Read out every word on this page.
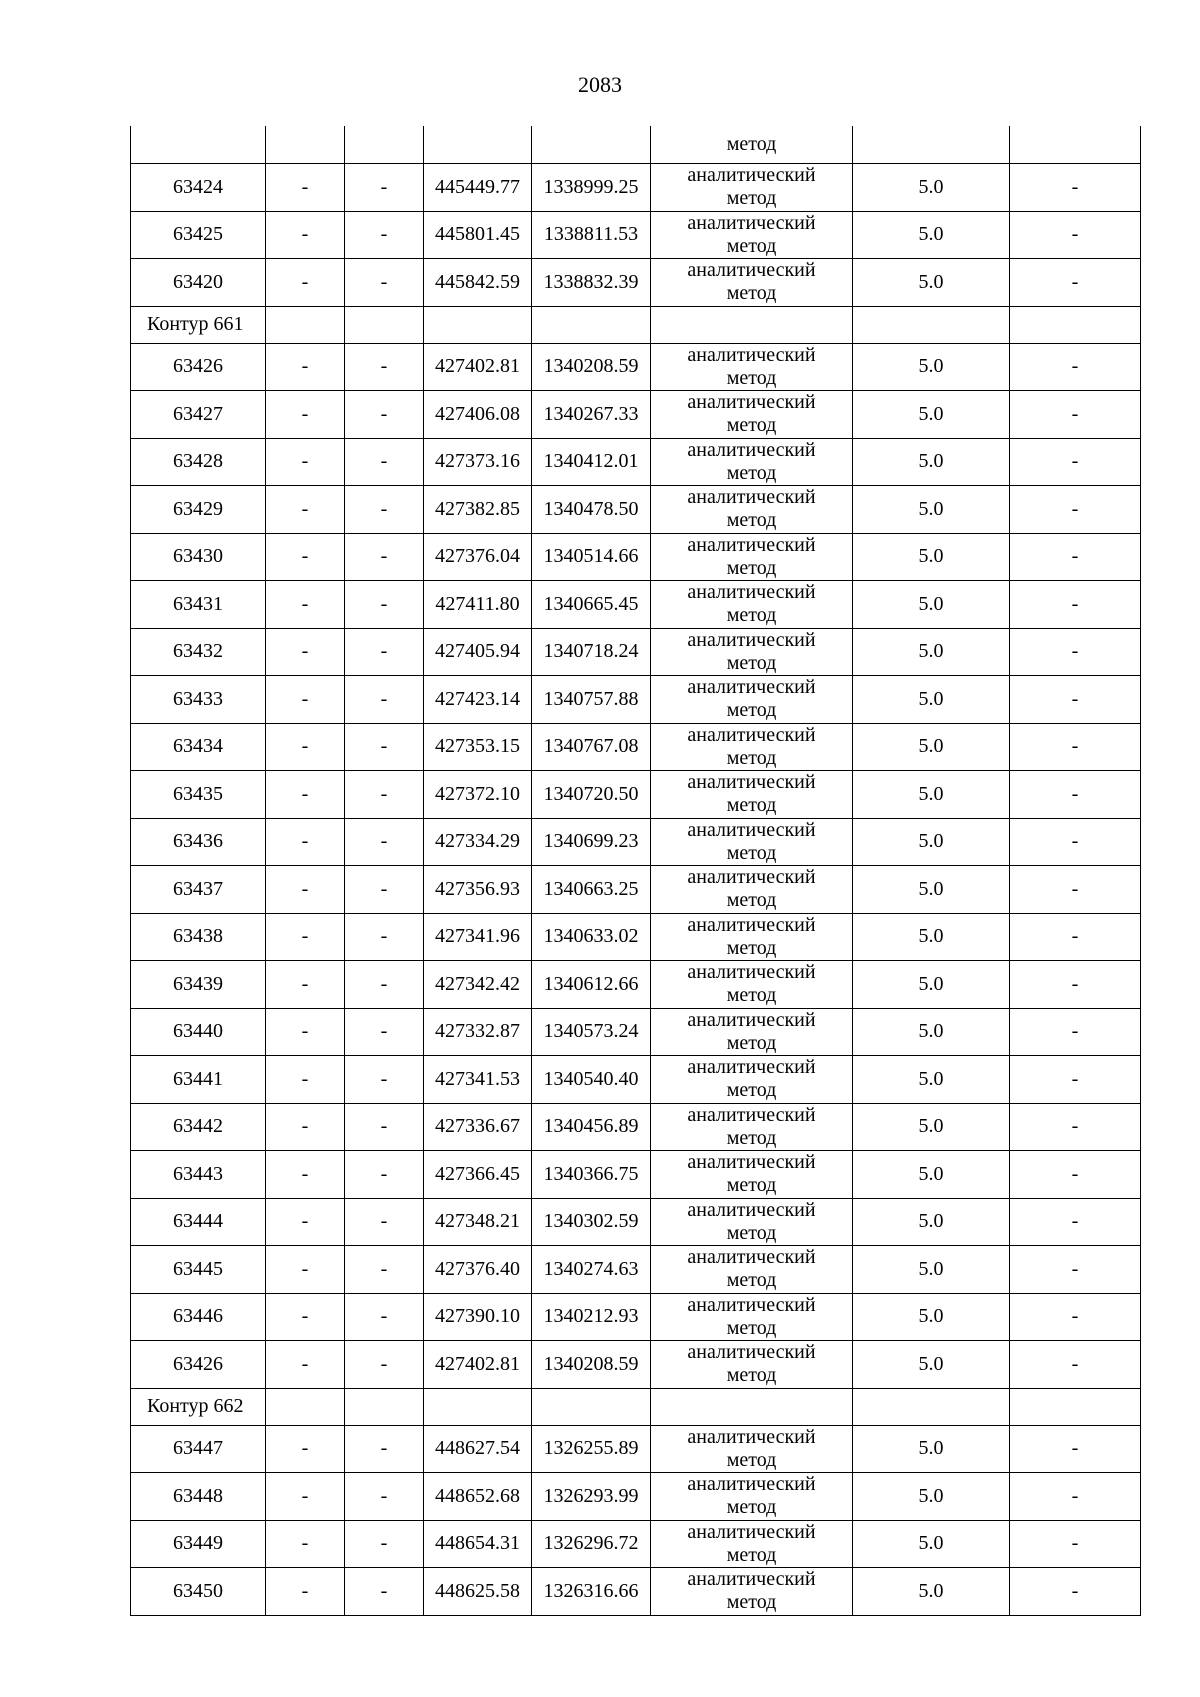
2083
					метод		
63424	-	-	445449.77	1338999.25	аналитический
метод	5.0	-
63425	-	-	445801.45	1338811.53	аналитический
метод	5.0	-
63420	-	-	445842.59	1338832.39	аналитический
метод	5.0	-
Контур 661							
63426	-	-	427402.81	1340208.59	аналитический
метод	5.0	-
63427	-	-	427406.08	1340267.33	аналитический
метод	5.0	-
63428	-	-	427373.16	1340412.01	аналитический
метод	5.0	-
63429	-	-	427382.85	1340478.50	аналитический
метод	5.0	-
63430	-	-	427376.04	1340514.66	аналитический
метод	5.0	-
63431	-	-	427411.80	1340665.45	аналитический
метод	5.0	-
63432	-	-	427405.94	1340718.24	аналитический
метод	5.0	-
63433	-	-	427423.14	1340757.88	аналитический
метод	5.0	-
63434	-	-	427353.15	1340767.08	аналитический
метод	5.0	-
63435	-	-	427372.10	1340720.50	аналитический
метод	5.0	-
63436	-	-	427334.29	1340699.23	аналитический
метод	5.0	-
63437	-	-	427356.93	1340663.25	аналитический
метод	5.0	-
63438	-	-	427341.96	1340633.02	аналитический
метод	5.0	-
63439	-	-	427342.42	1340612.66	аналитический
метод	5.0	-
63440	-	-	427332.87	1340573.24	аналитический
метод	5.0	-
63441	-	-	427341.53	1340540.40	аналитический
метод	5.0	-
63442	-	-	427336.67	1340456.89	аналитический
метод	5.0	-
63443	-	-	427366.45	1340366.75	аналитический
метод	5.0	-
63444	-	-	427348.21	1340302.59	аналитический
метод	5.0	-
63445	-	-	427376.40	1340274.63	аналитический
метод	5.0	-
63446	-	-	427390.10	1340212.93	аналитический
метод	5.0	-
63426	-	-	427402.81	1340208.59	аналитический
метод	5.0	-
Контур 662							
63447	-	-	448627.54	1326255.89	аналитический
метод	5.0	-
63448	-	-	448652.68	1326293.99	аналитический
метод	5.0	-
63449	-	-	448654.31	1326296.72	аналитический
метод	5.0	-
63450	-	-	448625.58	1326316.66	аналитический
метод	5.0	-
